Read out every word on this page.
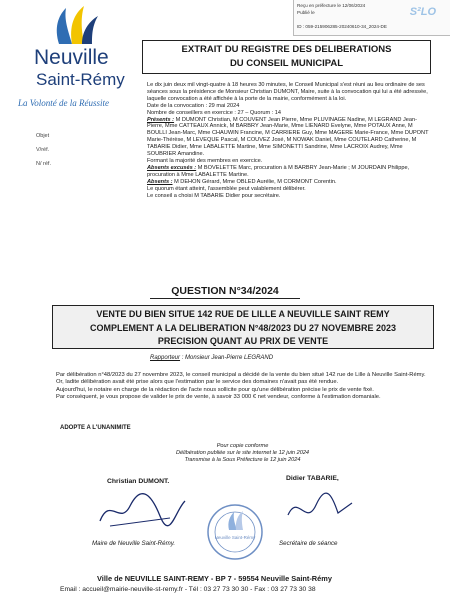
Reçu en préfecture le 12/06/2024
Publié le
ID : 059-215906285-20240610-34_2024-DE
S²LO
Neuville
Saint-Rémy
La Volonté de la Réussite
EXTRAIT DU REGISTRE DES DELIBERATIONS
DU CONSEIL MUNICIPAL
Objet
V/réf.
N/ réf.

Le dix juin deux mil vingt-quatre à 18 heures 30 minutes, le Conseil Municipal s'est réuni au lieu ordinaire de ses séances sous la présidence de Monsieur Christian DUMONT, Maire, suite à la convocation qui lui a été adressée, laquelle convocation a été affichée à la porte de la mairie, conformément à la loi.

Date de la convocation : 29 mai 2024

Nombre de conseillers en exercice : 27 – Quorum : 14

Présents : M DUMONT Christian, M COUVENT Jean Pierre, Mme PLUVINAGE Nadine, M LEGRAND Jean-Pierre, Mme CATTEAUX Annick, M BARBRY Jean-Marie, Mme LIENARD Evelyne, Mme POTAUX Anne, M BOULLI Jean-Marc, Mme CHAUWIN Francine, M CARRIERE Guy, Mme MAGERE Marie-France, Mme DUPONT Marie-Thérèse, M LEVEQUE Pascal, M COUVEZ José, M NOWAK Daniel, Mme COUTELARD Catherine, M TABARIE Didier, Mme LABALETTE Martine, Mme SIMONETTI Sandrine, Mme LACROIX Audrey, Mme SOUBRIER Amandine.

Formant la majorité des membres en exercice.

Absents excusés : M BOVELETTE Marc, procuration à M BARBRY Jean-Marie ; M JOURDAIN Philippe, procuration à Mme LABALETTE Martine.

Absents : M DEHON Gérard, Mme OBLED Aurélie, M CORMONT Corentin.

Le quorum étant atteint, l'assemblée peut valablement délibérer.

Le conseil a choisi M TABARIE Didier pour secrétaire.

QUESTION N°34/2024
VENTE DU BIEN SITUE 142 RUE DE LILLE A NEUVILLE SAINT REMY
COMPLEMENT A LA DELIBERATION N°48/2023 DU 27 NOVEMBRE 2023
PRECISION QUANT AU PRIX DE VENTE
Rapporteur : Monsieur Jean-Pierre LEGRAND

Par délibération n°48/2023 du 27 novembre 2023, le conseil municipal a décidé de la vente du bien situé 142 rue de Lille à Neuville Saint-Rémy.

Or, ladite délibération avait été prise alors que l'estimation par le service des domaines n'avait pas été rendue.

Aujourd'hui, le notaire en charge de la rédaction de l'acte nous sollicite pour qu'une délibération précise le prix de vente fixé.

Par conséquent, je vous propose de valider le prix de vente, à savoir 33 000 € net vendeur, conforme à l'estimation domaniale.

ADOPTE A L'UNANIMITE
Pour copie conforme
Délibération publiée sur le site internet le 12 juin 2024
Transmise à la Sous Préfecture le 12 juin 2024
Christian DUMONT.	Didier TABARIE,
Neuville Saint-Rémy
Maire de Neuville Saint-Rémy.	Secrétaire de séance
Ville de NEUVILLE SAINT-REMY - BP 7 - 59554 Neuville Saint-Rémy
Email : accueil@mairie-neuville-st-remy.fr - Tél : 03 27 73 30 30 - Fax : 03 27 73 30 38
